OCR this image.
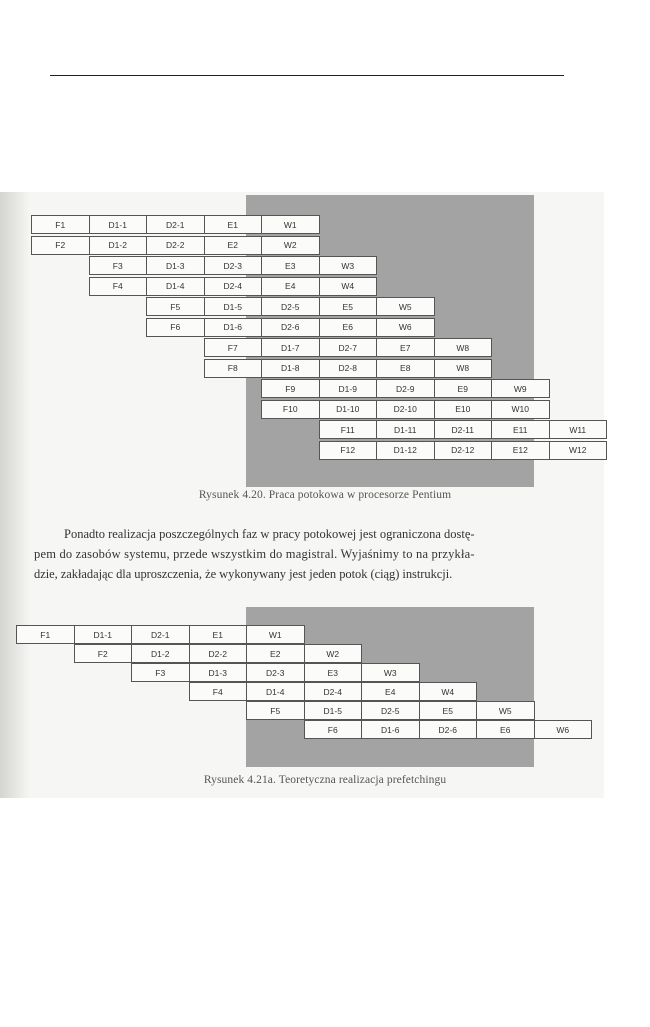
F1	D1-1	D2-1	E1	W1
F2	D1-2	D2-2	E2	W2
F3	D1-3	D2-3	E3	W3
F4	D1-4	D2-4	E4	W4
F5	D1-5	D2-5	E5	W5
F6	D1-6	D2-6	E6	W6
F7	D1-7	D2-7	E7	W8
F8	D1-8	D2-8	E8	W8
F9	D1-9	D2-9	E9	W9
F10	D1-10	D2-10	E10	W10
F11	D1-11	D2-11	E11	W11
F12	D1-12	D2-12	E12	W12
Rysunek 4.20. Praca potokowa w procesorze Pentium
Ponadto realizacja poszczególnych faz w pracy potokowej jest ograniczona dostę-
pem do zasobów systemu, przede wszystkim do magistral. Wyjaśnimy to na przykła-
dzie, zakładając dla uproszczenia, że wykonywany jest jeden potok (ciąg) instrukcji.
F1	D1-1	D2-1	E1	W1
F2	D1-2	D2-2	E2	W2
F3	D1-3	D2-3	E3	W3
F4	D1-4	D2-4	E4	W4
F5	D1-5	D2-5	E5	W5
F6	D1-6	D2-6	E6	W6
Rysunek 4.21a. Teoretyczna realizacja prefetchingu
